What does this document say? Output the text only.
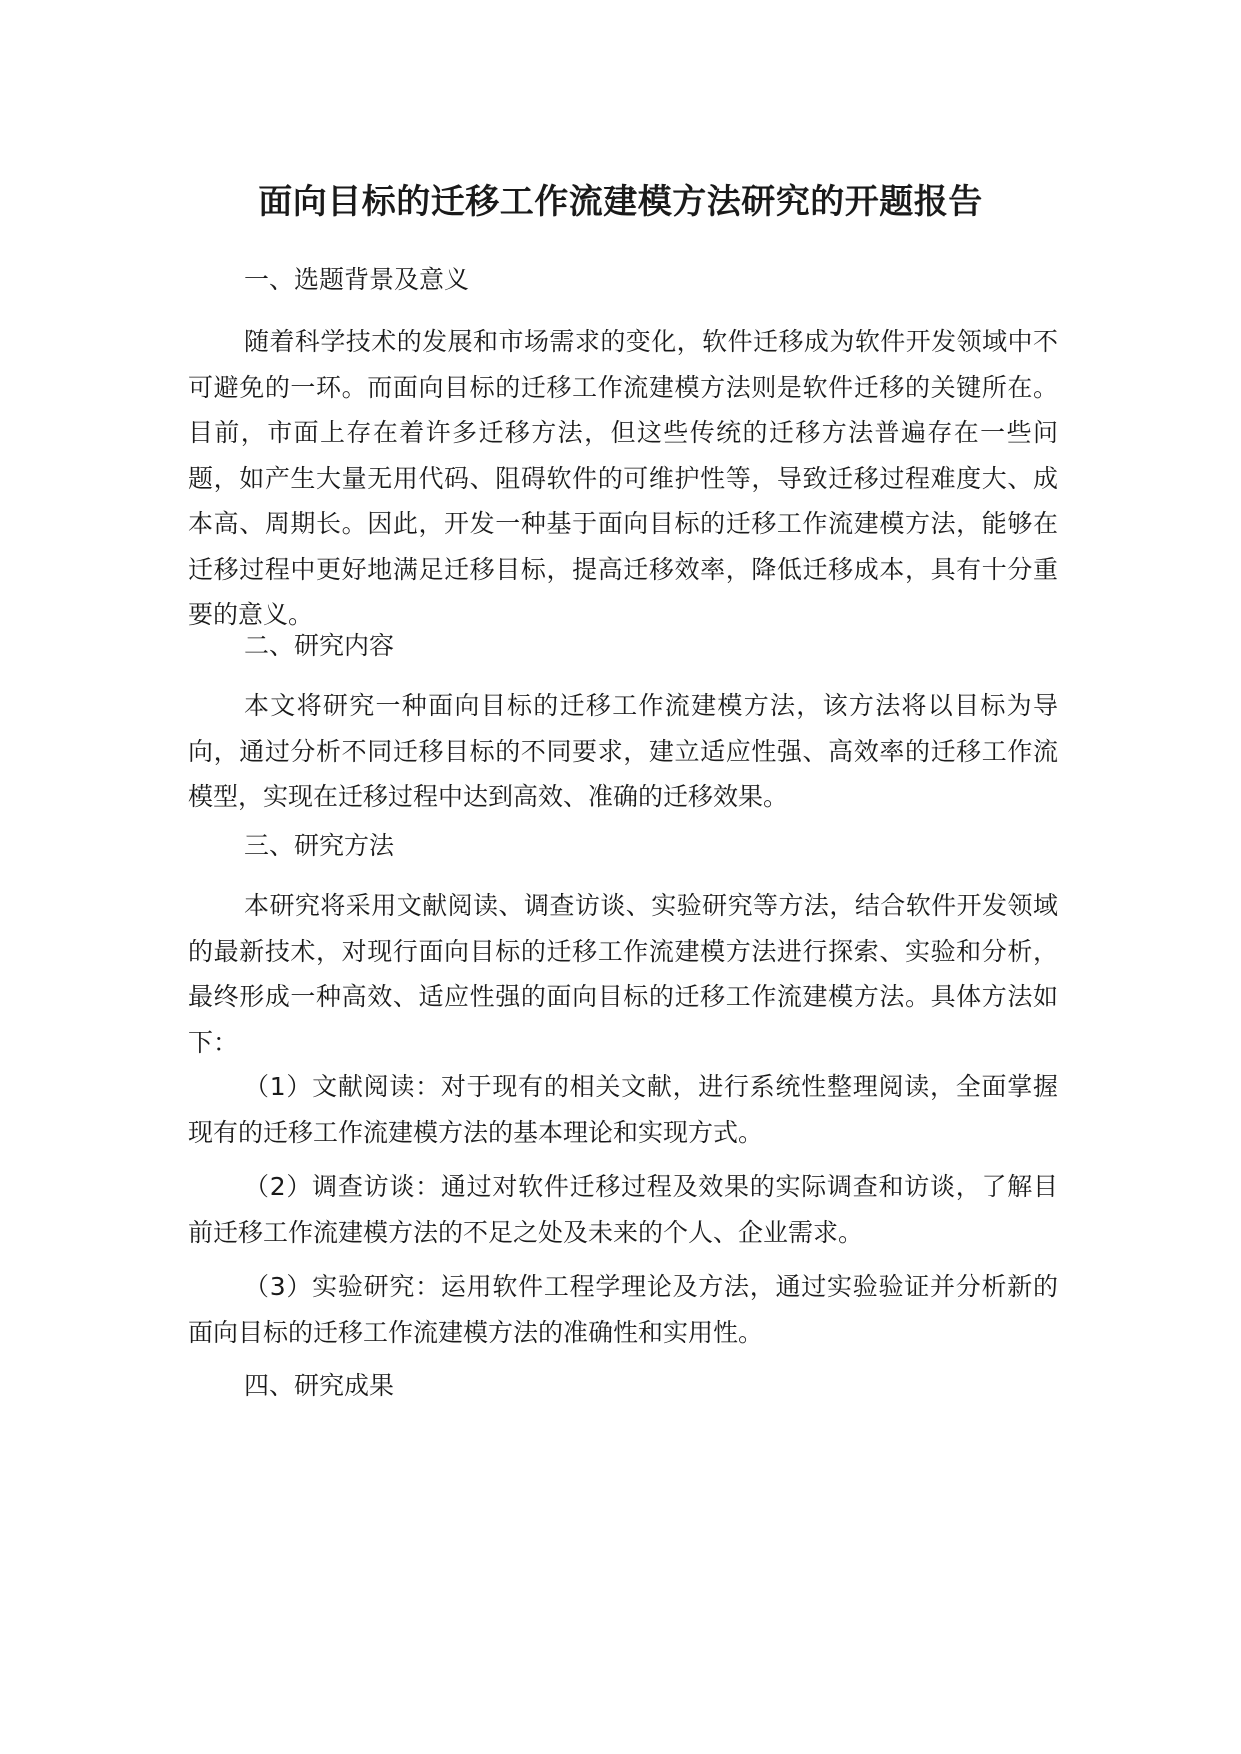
面向目标的迁移工作流建模方法研究的开题报告
一、选题背景及意义

随着科学技术的发展和市场需求的变化，软件迁移成为软件开发领域中不可避免的一环。而面向目标的迁移工作流建模方法则是软件迁移的关键所在。目前，市面上存在着许多迁移方法，但这些传统的迁移方法普遍存在一些问题，如产生大量无用代码、阻碍软件的可维护性等，导致迁移过程难度大、成本高、周期长。因此，开发一种基于面向目标的迁移工作流建模方法，能够在迁移过程中更好地满足迁移目标，提高迁移效率，降低迁移成本，具有十分重要的意义。

二、研究内容

本文将研究一种面向目标的迁移工作流建模方法，该方法将以目标为导向，通过分析不同迁移目标的不同要求，建立适应性强、高效率的迁移工作流模型，实现在迁移过程中达到高效、准确的迁移效果。

三、研究方法

本研究将采用文献阅读、调查访谈、实验研究等方法，结合软件开发领域的最新技术，对现行面向目标的迁移工作流建模方法进行探索、实验和分析，最终形成一种高效、适应性强的面向目标的迁移工作流建模方法。具体方法如下：

（1）文献阅读：对于现有的相关文献，进行系统性整理阅读，全面掌握现有的迁移工作流建模方法的基本理论和实现方式。

（2）调查访谈：通过对软件迁移过程及效果的实际调查和访谈，了解目前迁移工作流建模方法的不足之处及未来的个人、企业需求。

（3）实验研究：运用软件工程学理论及方法，通过实验验证并分析新的面向目标的迁移工作流建模方法的准确性和实用性。

四、研究成果
